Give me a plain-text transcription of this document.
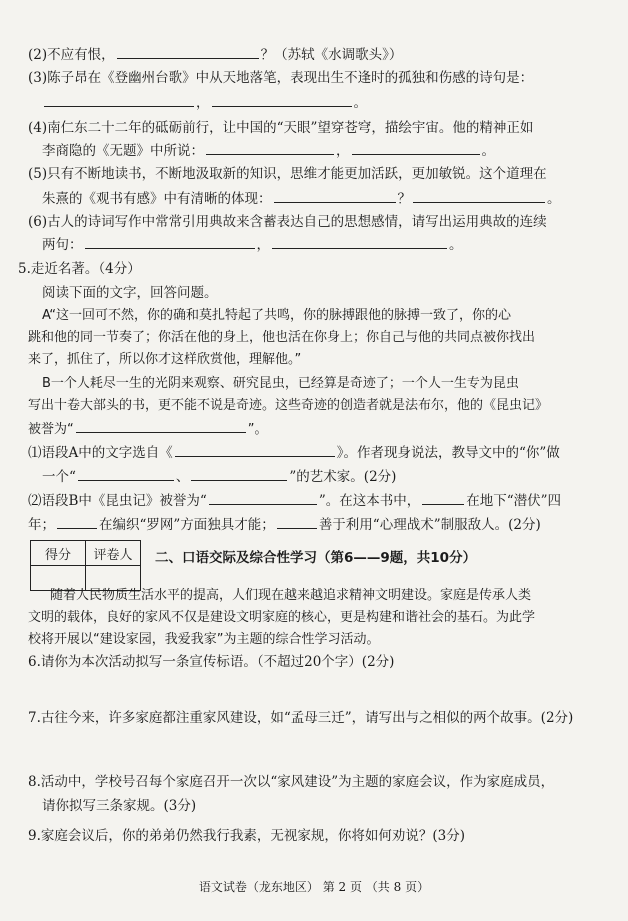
(2)不应有恨，	？（苏轼《水调歌头》）
(3)陈子昂在《登幽州台歌》中从天地落笔，表现出生不逢时的孤独和伤感的诗句是：
，	。
(4)南仁东二十二年的砥砺前行，让中国的“天眼”望穿苍穹，描绘宇宙。他的精神正如
李商隐的《无题》中所说：	，	。
(5)只有不断地读书，不断地汲取新的知识，思维才能更加活跃，更加敏锐。这个道理在
朱熹的《观书有感》中有清晰的体现：	？	。
(6)古人的诗词写作中常常引用典故来含蓄表达自己的思想感情，请写出运用典故的连续
两句：	，	。
5.走近名著。（4分）
阅读下面的文字，回答问题。
A“这一回可不然，你的确和莫扎特起了共鸣，你的脉搏跟他的脉搏一致了，你的心
跳和他的同一节奏了；你活在他的身上，他也活在你身上；你自己与他的共同点被你找出
来了，抓住了，所以你才这样欣赏他，理解他。”
B一个人耗尽一生的光阴来观察、研究昆虫，已经算是奇迹了；一个人一生专为昆虫
写出十卷大部头的书，更不能不说是奇迹。这些奇迹的创造者就是法布尔，他的《昆虫记》
被誉为“	”。
⑴语段A中的文字选自《	》。作者现身说法，教导文中的“你”做
一个“	、	”的艺术家。(2分)
⑵语段B中《昆虫记》被誉为“	”。在这本书中，	在地下“潜伏”四
年；	在编织“罗网”方面独具才能；	善于利用“心理战术”制服敌人。(2分)
得分	评卷人
	二、口语交际及综合性学习（第6——9题，共10分）
随着人民物质生活水平的提高，人们现在越来越追求精神文明建设。家庭是传承人类
文明的载体，良好的家风不仅是建设文明家庭的核心，更是构建和谐社会的基石。为此学
校将开展以“建设家园，我爱我家”为主题的综合性学习活动。
6.请你为本次活动拟写一条宣传标语。（不超过20个字）(2分)
7.古往今来，许多家庭都注重家风建设，如“孟母三迁”，请写出与之相似的两个故事。(2分)
8.活动中，学校号召每个家庭召开一次以“家风建设”为主题的家庭会议，作为家庭成员，
请你拟写三条家规。(3分)
9.家庭会议后，你的弟弟仍然我行我素，无视家规，你将如何劝说？(3分)
语文试卷（龙东地区） 第 2 页 （共 8 页）
